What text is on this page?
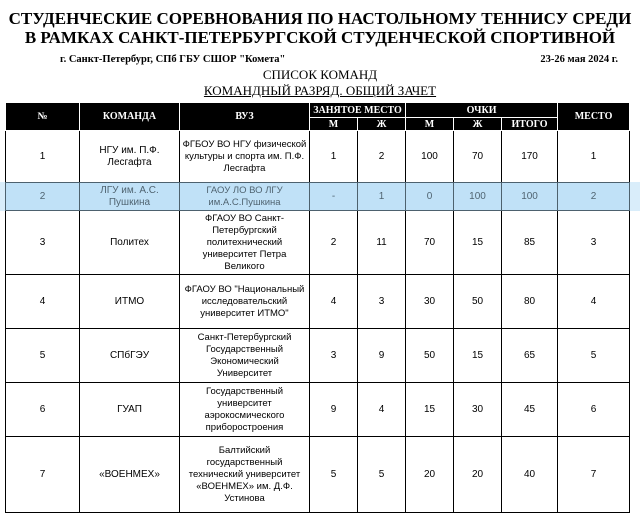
СТУДЕНЧЕСКИЕ СОРЕВНОВАНИЯ ПО НАСТОЛЬНОМУ ТЕННИСУ СРЕДИ
В РАМКАХ САНКТ-ПЕТЕРБУРГСКОЙ СТУДЕНЧЕСКОЙ СПОРТИВНОЙ
г. Санкт-Петербург, СПб ГБУ СШОР "Комета"	23-26 мая 2024 г.
СПИСОК КОМАНД
КОМАНДНЫЙ РАЗРЯД. ОБЩИЙ ЗАЧЕТ
№	КОМАНДА	ВУЗ	ЗАНЯТОЕ МЕСТО		ОЧКИ			МЕСТО
			М	Ж	М	Ж	ИТОГО	
1	НГУ им. П.Ф. Лесгафта	ФГБОУ ВО НГУ физической культуры и спорта им. П.Ф. Лесгафта	1	2	100	70	170	1
2	ЛГУ им. А.С. Пушкина	ГАОУ ЛО ВО ЛГУ им.А.С.Пушкина	-	1	0	100	100	2
3	Политех	ФГАОУ ВО Санкт-Петербургский политехнический университет Петра Великого	2	11	70	15	85	3
4	ИТМО	ФГАОУ ВО "Национальный исследовательский университет ИТМО"	4	3	30	50	80	4
5	СПбГЭУ	Санкт-Петербургский Государственный Экономический Университет	3	9	50	15	65	5
6	ГУАП	Государственный университет аэрокосмического приборостроения	9	4	15	30	45	6
7	«ВОЕНМЕХ»	Балтийский государственный технический университет «ВОЕНМЕХ» им. Д.Ф. Устинова	5	5	20	20	40	7
